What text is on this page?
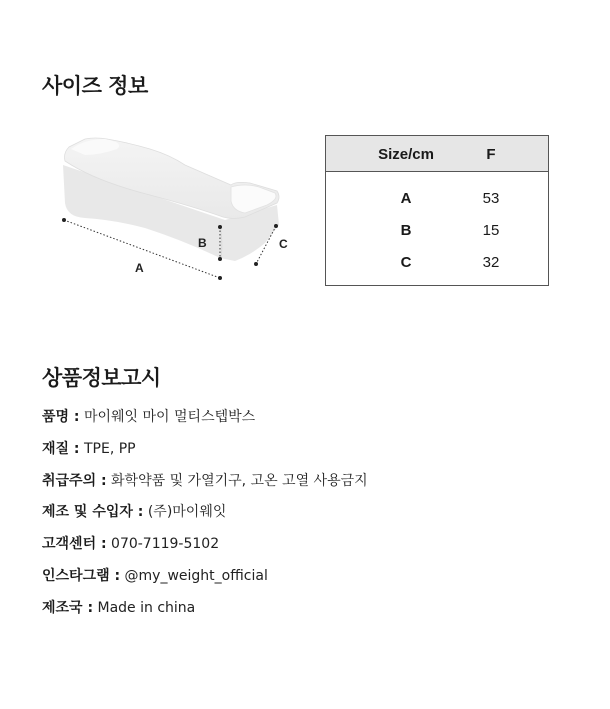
사이즈 정보
A
B	C
Size/cm	F
A	53
B	15
C	32
상품정보고시
품명 : 마이웨잇 마이 멀티스텝박스
재질 : TPE, PP
취급주의 : 화학약품 및 가열기구, 고온 고열 사용금지
제조 및 수입자 : (주)마이웨잇
고객센터 : 070-7119-5102
인스타그램 : @my_weight_official
제조국 : Made in china
